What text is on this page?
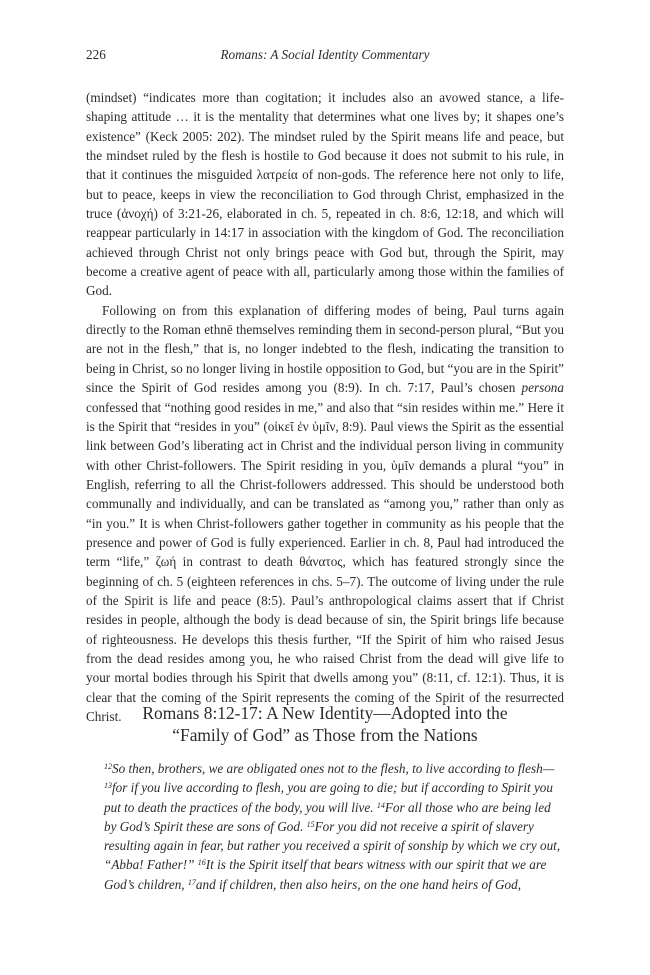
226	Romans: A Social Identity Commentary

(mindset) “indicates more than cogitation; it includes also an avowed stance, a life-shaping attitude … it is the mentality that determines what one lives by; it shapes one’s existence” (Keck 2005: 202). The mindset ruled by the Spirit means life and peace, but the mindset ruled by the flesh is hostile to God because it does not submit to his rule, in that it continues the misguided λατρεία of non-gods. The reference here not only to life, but to peace, keeps in view the reconciliation to God through Christ, emphasized in the truce (ἀνοχή) of 3:21-26, elaborated in ch. 5, repeated in ch. 8:6, 12:18, and which will reappear particularly in 14:17 in association with the kingdom of God. The reconciliation achieved through Christ not only brings peace with God but, through the Spirit, may become a creative agent of peace with all, particularly among those within the families of God.

Following on from this explanation of differing modes of being, Paul turns again directly to the Roman ethnē themselves reminding them in second-person plural, “But you are not in the flesh,” that is, no longer indebted to the flesh, indicating the transition to being in Christ, so no longer living in hostile opposition to God, but “you are in the Spirit” since the Spirit of God resides among you (8:9). In ch. 7:17, Paul’s chosen persona confessed that “nothing good resides in me,” and also that “sin resides within me.” Here it is the Spirit that “resides in you” (οἰκεῖ ἐν ὑμῖν, 8:9). Paul views the Spirit as the essential link between God’s liberating act in Christ and the individual person living in community with other Christ-followers. The Spirit residing in you, ὑμῖν demands a plural “you” in English, referring to all the Christ-followers addressed. This should be understood both communally and individually, and can be translated as “among you,” rather than only as “in you.” It is when Christ-followers gather together in community as his people that the presence and power of God is fully experienced. Earlier in ch. 8, Paul had introduced the term “life,” ζωή in contrast to death θάνατος, which has featured strongly since the beginning of ch. 5 (eighteen references in chs. 5–7). The outcome of living under the rule of the Spirit is life and peace (8:5). Paul’s anthropological claims assert that if Christ resides in people, although the body is dead because of sin, the Spirit brings life because of righteousness. He develops this thesis further, “If the Spirit of him who raised Jesus from the dead resides among you, he who raised Christ from the dead will give life to your mortal bodies through his Spirit that dwells among you” (8:11, cf. 12:1). Thus, it is clear that the coming of the Spirit represents the coming of the Spirit of the resurrected Christ.	Romans 8:12-17: A New Identity—Adopted into the
“Family of God” as Those from the Nations
$^{12}$So then, brothers, we are obligated ones not to the flesh, to live according to flesh—$^{13}$for if you live according to flesh, you are going to die; but if according to Spirit you put to death the practices of the body, you will live. $^{14}$For all those who are being led by God’s Spirit these are sons of God. $^{15}$For you did not receive a spirit of slavery resulting again in fear, but rather you received a spirit of sonship by which we cry out, “Abba! Father!” $^{16}$It is the Spirit itself that bears witness with our spirit that we are God’s children, $^{17}$and if children, then also heirs, on the one hand heirs of God,
